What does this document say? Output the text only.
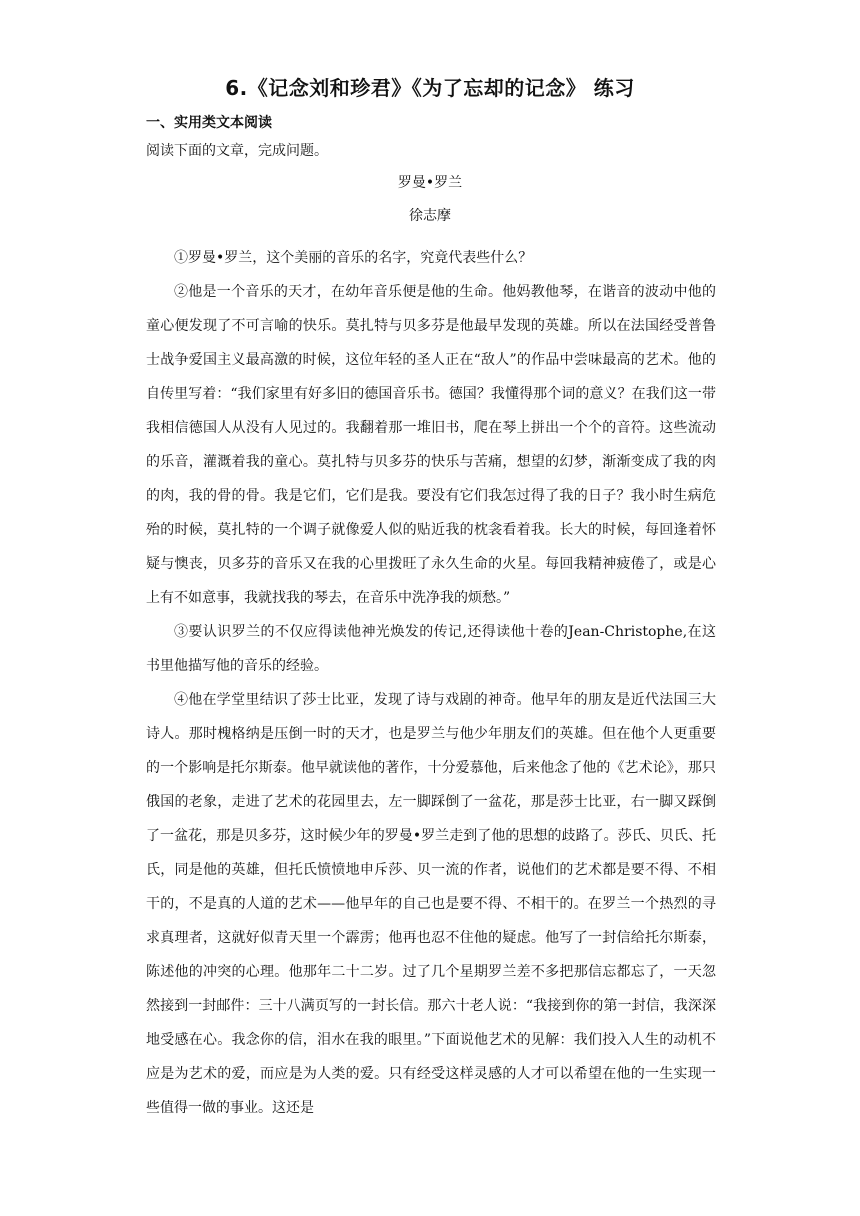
6.《记念刘和珍君》《为了忘却的记念》 练习
一、实用类文本阅读
阅读下面的文章，完成问题。
罗曼•罗兰
徐志摩

①罗曼•罗兰，这个美丽的音乐的名字，究竟代表些什么？

②他是一个音乐的天才，在幼年音乐便是他的生命。他妈教他琴，在谐音的波动中他的童心便发现了不可言喻的快乐。莫扎特与贝多芬是他最早发现的英雄。所以在法国经受普鲁士战争爱国主义最高激的时候，这位年轻的圣人正在“敌人”的作品中尝味最高的艺术。他的自传里写着：“我们家里有好多旧的德国音乐书。德国？我懂得那个词的意义？在我们这一带我相信德国人从没有人见过的。我翻着那一堆旧书，爬在琴上拼出一个个的音符。这些流动的乐音，灌溉着我的童心。莫扎特与贝多芬的快乐与苦痛，想望的幻梦，渐渐变成了我的肉的肉，我的骨的骨。我是它们，它们是我。要没有它们我怎过得了我的日子？我小时生病危殆的时候，莫扎特的一个调子就像爱人似的贴近我的枕衾看着我。长大的时候，每回逢着怀疑与懊丧，贝多芬的音乐又在我的心里拨旺了永久生命的火星。每回我精神疲倦了，或是心上有不如意事，我就找我的琴去，在音乐中洗净我的烦愁。”

③要认识罗兰的不仅应得读他神光焕发的传记,还得读他十卷的Jean-Christophe,在这书里他描写他的音乐的经验。

④他在学堂里结识了莎士比亚，发现了诗与戏剧的神奇。他早年的朋友是近代法国三大诗人。那时槐格纳是压倒一时的天才，也是罗兰与他少年朋友们的英雄。但在他个人更重要的一个影响是托尔斯泰。他早就读他的著作，十分爱慕他，后来他念了他的《艺术论》，那只俄国的老象，走进了艺术的花园里去，左一脚踩倒了一盆花，那是莎士比亚，右一脚又踩倒了一盆花，那是贝多芬，这时候少年的罗曼•罗兰走到了他的思想的歧路了。莎氏、贝氏、托氏，同是他的英雄，但托氏愤愤地申斥莎、贝一流的作者，说他们的艺术都是要不得、不相干的，不是真的人道的艺术——他早年的自己也是要不得、不相干的。在罗兰一个热烈的寻求真理者，这就好似青天里一个霹雳；他再也忍不住他的疑虑。他写了一封信给托尔斯泰，陈述他的冲突的心理。他那年二十二岁。过了几个星期罗兰差不多把那信忘都忘了，一天忽然接到一封邮件：三十八满页写的一封长信。那六十老人说：“我接到你的第一封信，我深深地受感在心。我念你的信，泪水在我的眼里。”下面说他艺术的见解：我们投入人生的动机不应是为艺术的爱，而应是为人类的爱。只有经受这样灵感的人才可以希望在他的一生实现一些值得一做的事业。这还是
